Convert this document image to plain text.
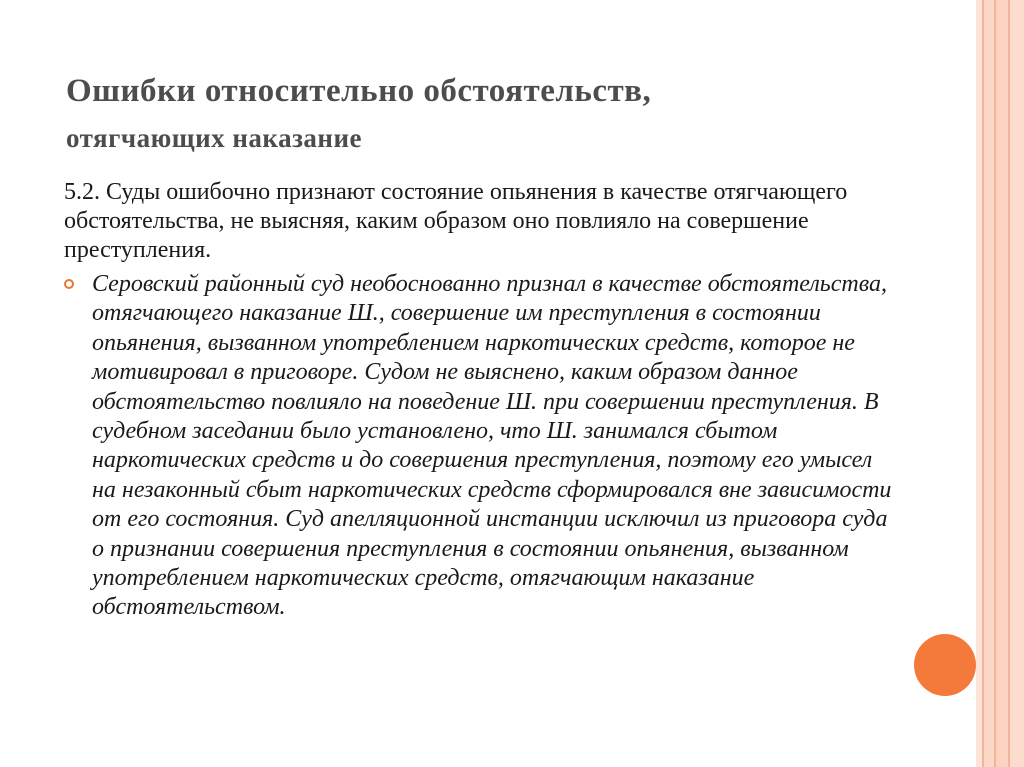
Ошибки относительно обстоятельств,
отягчающих наказание
5.2. Суды ошибочно признают состояние опьянения в качестве отягчающего обстоятельства, не выясняя, каким образом оно повлияло на совершение преступления.
Серовский районный суд необоснованно признал в качестве обстоятельства, отягчающего наказание Ш., совершение им преступления в состоянии опьянения, вызванном употреблением наркотических средств, которое не мотивировал в приговоре. Судом не выяснено, каким образом данное обстоятельство повлияло на поведение Ш. при совершении преступления. В судебном заседании было установлено, что Ш. занимался сбытом наркотических средств и до совершения преступления, поэтому его умысел на незаконный сбыт наркотических средств сформировался вне зависимости от его состояния. Суд апелляционной инстанции исключил из приговора суда о признании совершения преступления в состоянии опьянения, вызванном употреблением наркотических средств, отягчающим наказание обстоятельством.
